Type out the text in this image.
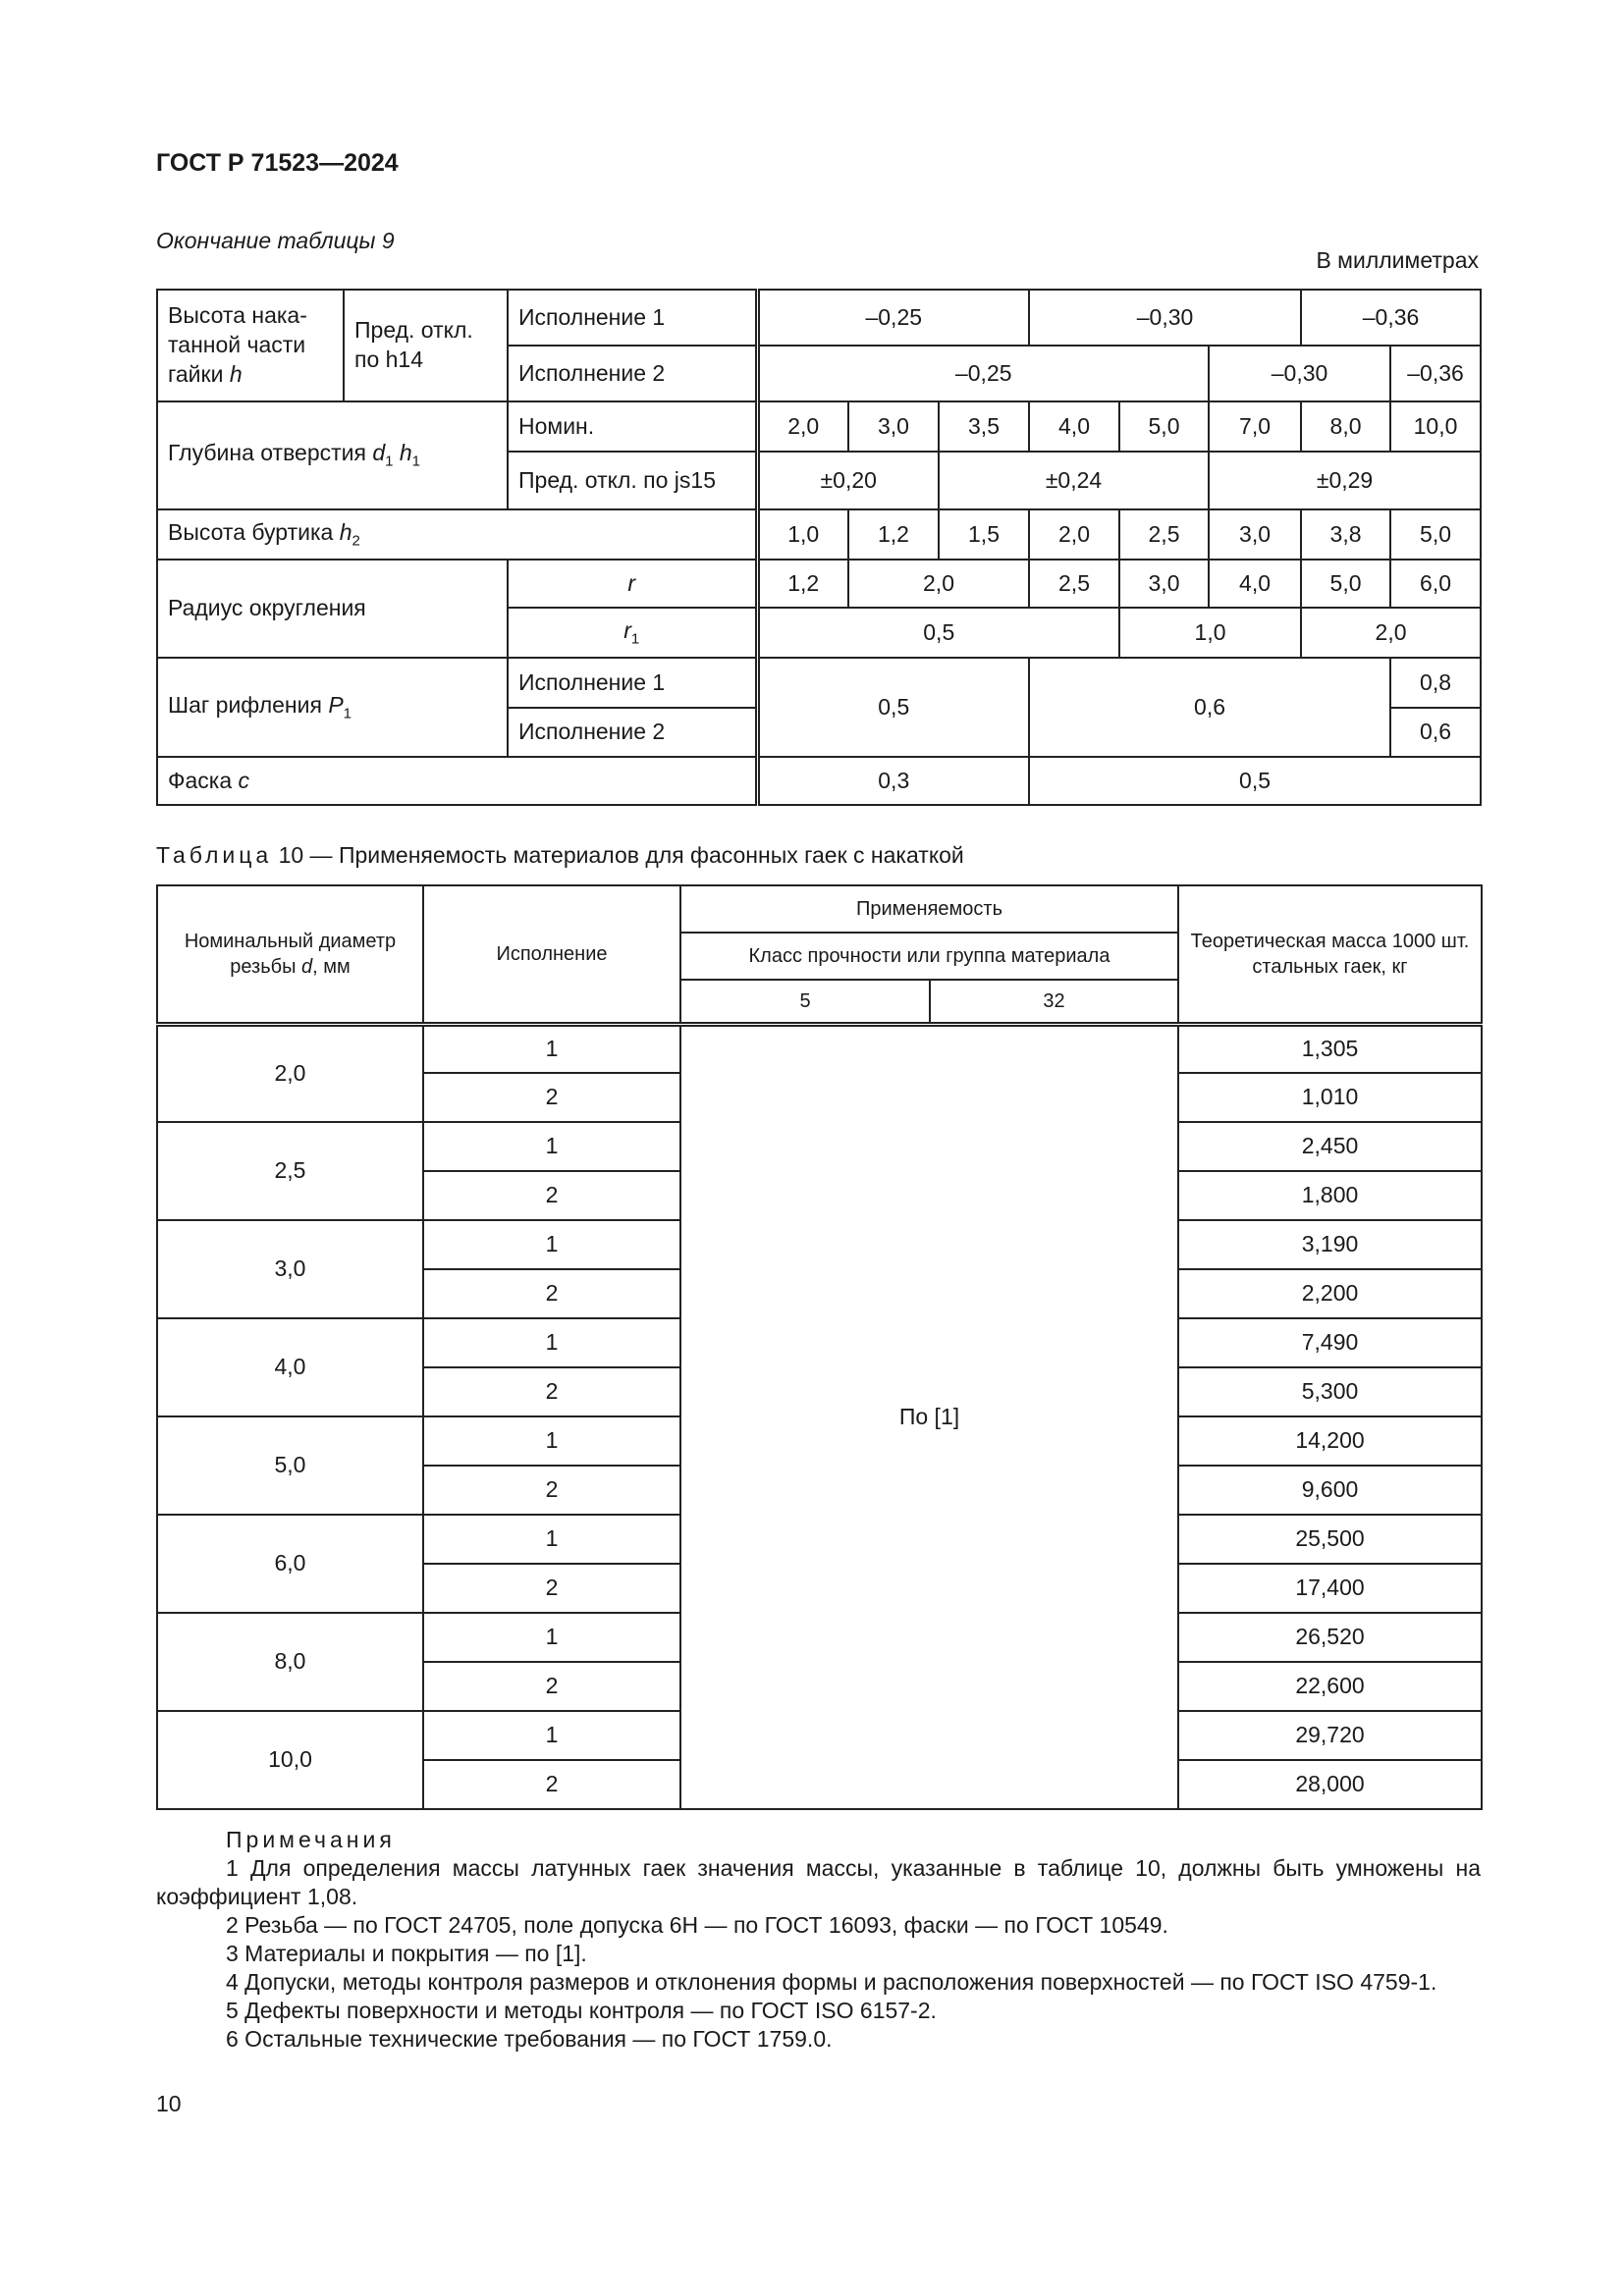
ГОСТ Р 71523—2024
Окончание таблицы 9
В миллиметрах
Высота нака-танной части гайки h	Пред. откл. по h14	Исполнение 1	–0,25			–0,30			–0,36	
		Исполнение 2	–0,25					–0,30		–0,36
Глубина отверстия $d_1$ $h_1$		Номин.	2,0	3,0	3,5	4,0	5,0	7,0	8,0	10,0
		Пред. откл. по js15	±0,20		±0,24			±0,29		
Высота буртика $h_2$			1,0	1,2	1,5	2,0	2,5	3,0	3,8	5,0
Радиус округления		r	1,2	2,0		2,5	3,0	4,0	5,0	6,0
		$r_1$	0,5				1,0		2,0	
Шаг рифления $P_1$		Исполнение 1	0,5			0,6				0,8
		Исполнение 2								0,6
Фаска c			0,3			0,5				
Таблица 10 — Применяемость материалов для фасонных гаек с накаткой
Номинальный диаметр резьбы d, мм	Исполнение	Применяемость		Теоретическая масса 1000 шт. стальных гаек, кг
		Класс прочности или группа материала		
		5	32	
2,0	1	По [1]		1,305
	2			1,010
2,5	1			2,450
	2			1,800
3,0	1			3,190
	2			2,200
4,0	1			7,490
	2			5,300
5,0	1			14,200
	2			9,600
6,0	1			25,500
	2			17,400
8,0	1			26,520
	2			22,600
10,0	1			29,720
	2			28,000

Примечания

1 Для определения массы латунных гаек значения массы, указанные в таблице 10, должны быть умножены на коэффициент 1,08.

2 Резьба — по ГОСТ 24705, поле допуска 6H — по ГОСТ 16093, фаски — по ГОСТ 10549.

3 Материалы и покрытия — по [1].

4 Допуски, методы контроля размеров и отклонения формы и расположения поверхностей — по ГОСТ ISO 4759-1.

5 Дефекты поверхности и методы контроля — по ГОСТ ISO 6157-2.

6 Остальные технические требования — по ГОСТ 1759.0.

10
